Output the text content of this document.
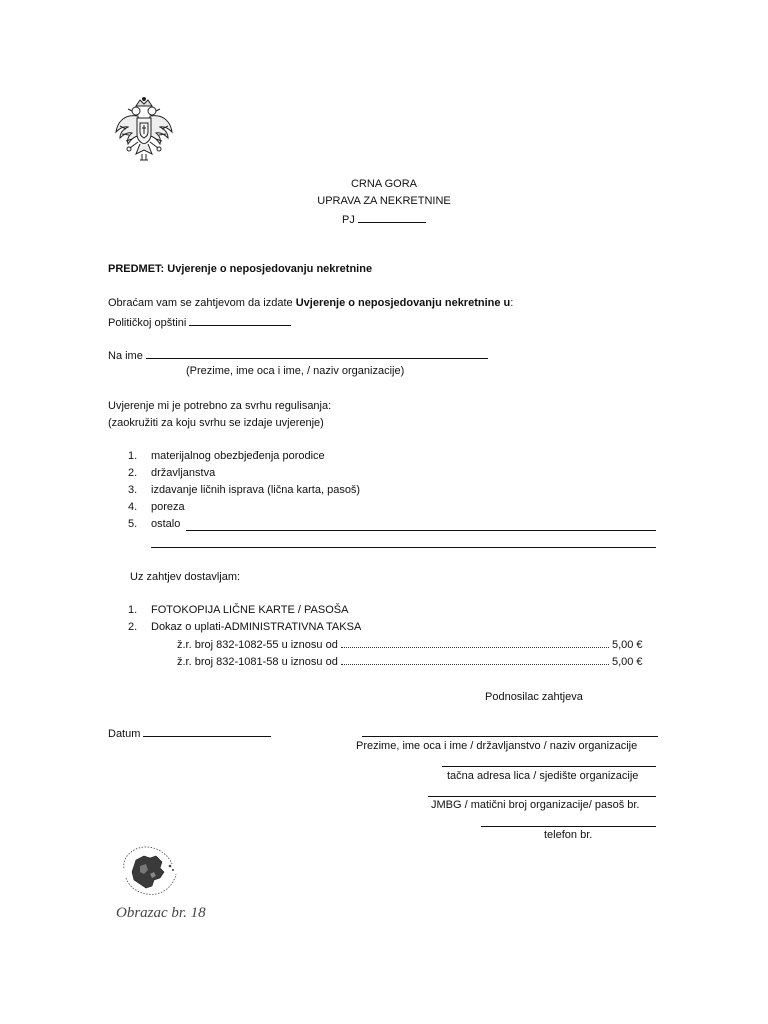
CRNA GORA
UPRAVA ZA NEKRETNINE
PJ
PREDMET: Uvjerenje o neposjedovanju nekretnine
Obraćam vam se zahtjevom da izdate Uvjerenje o neposjedovanju nekretnine u:
Političkoj opštini
Na ime
(Prezime, ime oca i ime, / naziv organizacije)
Uvjerenje mi je potrebno za svrhu regulisanja:
(zaokružiti za koju svrhu se izdaje uvjerenje)
1. materijalnog obezbjeđenja porodice
2. državljanstva
3. izdavanje ličnih isprava (lična karta, pasoš)
4. poreza
5. ostalo
Uz zahtjev dostavljam:
1. FOTOKOPIJA LIČNE KARTE / PASOŠA
2. Dokaz o uplati-ADMINISTRATIVNA TAKSA
ž.r. broj 832-1082-55 u iznosu od	5,00 €
ž.r. broj 832-1081-58 u iznosu od	5,00 €
Podnosilac zahtjeva
Datum
Prezime, ime oca i ime / državljanstvo / naziv organizacije
tačna adresa lica / sjedište organizacije
JMBG / matični broj organizacije/ pasoš br.
telefon br.
Obrazac br. 18
